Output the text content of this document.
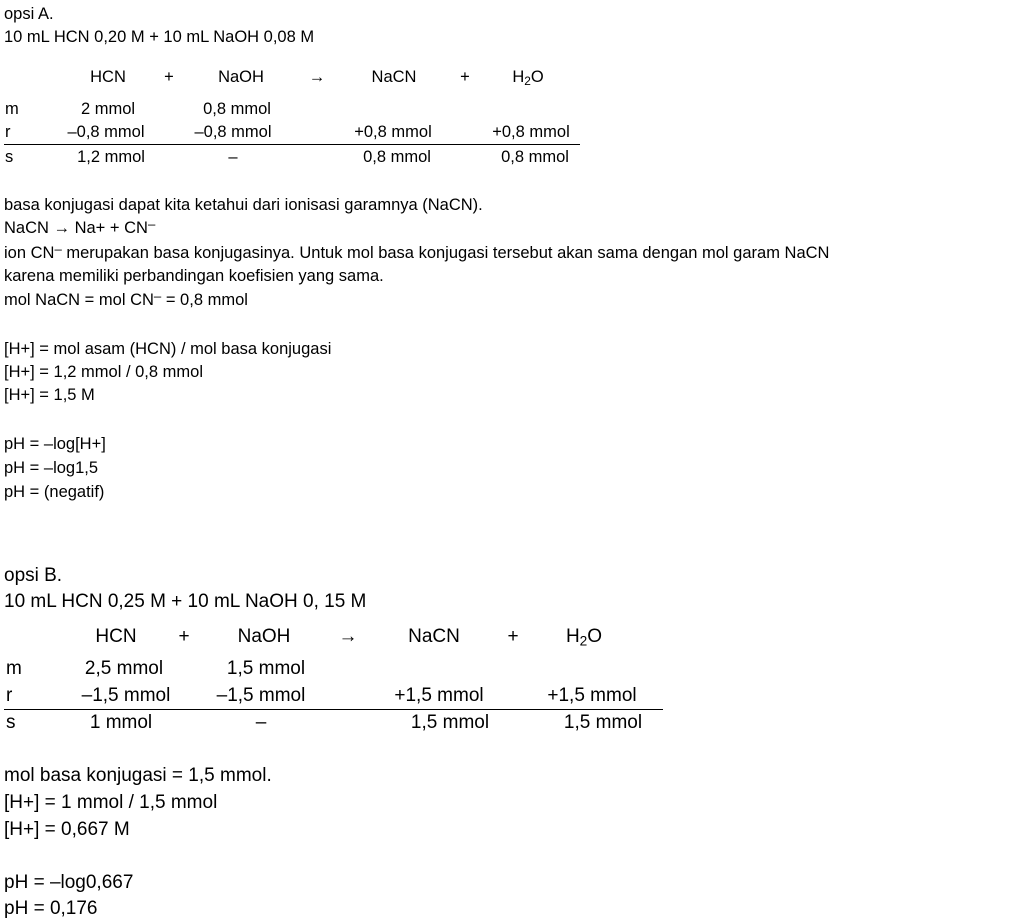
opsi A.
10 mL HCN 0,20 M + 10 mL NaOH 0,08 M
HCN +	NaOH	→	NaCN	+	$H_2O$
m	2 mmol	0,8 mmol
r	–0,8 mmol	–0,8 mmol	+0,8 mmol	+0,8 mmol
s	1,2 mmol	–	0,8 mmol	0,8 mmol
basa konjugasi dapat kita ketahui dari ionisasi garamnya (NaCN).
NaCN → Na+ + CN–
ion CN– merupakan basa konjugasinya. Untuk mol basa konjugasi tersebut akan sama dengan mol garam NaCN
karena memiliki perbandingan koefisien yang sama.
mol NaCN = mol CN– = 0,8 mmol
[H+] = mol asam (HCN) / mol basa konjugasi
[H+] = 1,2 mmol / 0,8 mmol
[H+] = 1,5 M
pH = –log[H+]
pH = –log1,5
pH = (negatif)
opsi B.
10 mL HCN 0,25 M + 10 mL NaOH 0, 15 M
HCN +	NaOH	→	NaCN	+ $H_2O$
m	2,5 mmol	1,5 mmol
r	–1,5 mmol –1,5 mmol	+1,5 mmol	+1,5 mmol
s	1 mmol	–	1,5 mmol	1,5 mmol
mol basa konjugasi = 1,5 mmol.
[H+] = 1 mmol / 1,5 mmol
[H+] = 0,667 M
pH = –log0,667
pH = 0,176
